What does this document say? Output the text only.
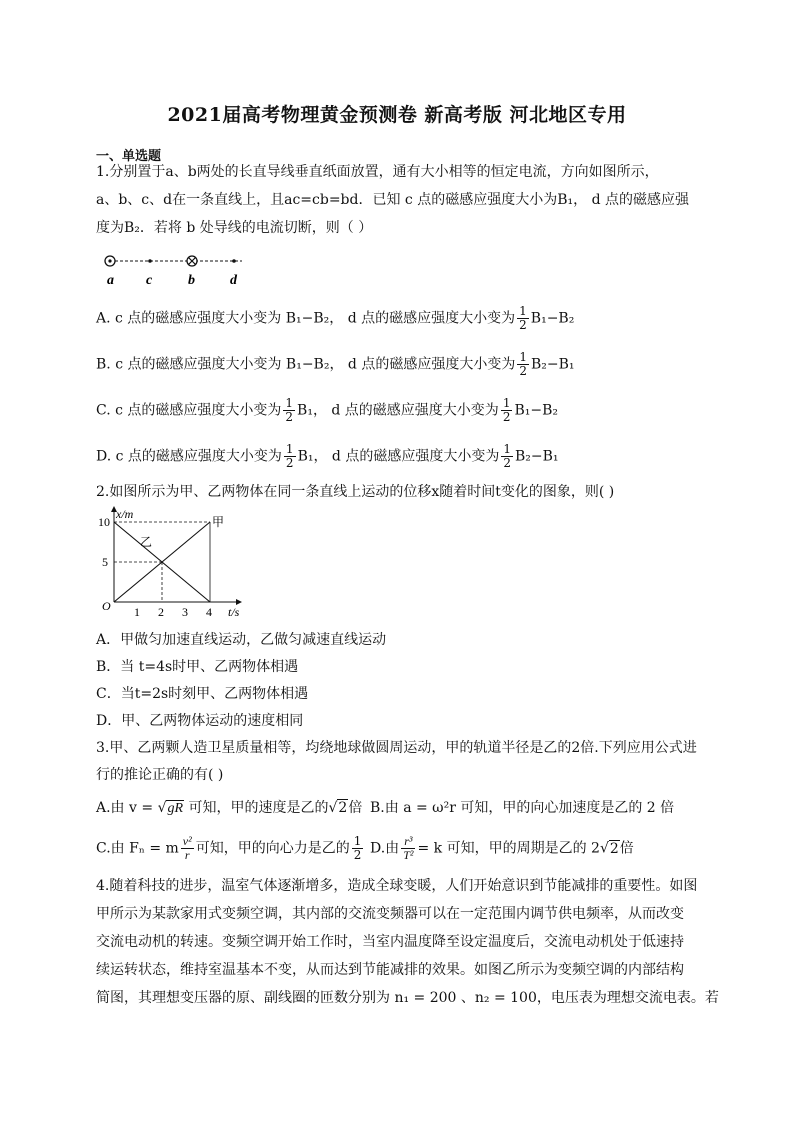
2021届高考物理黄金预测卷 新高考版 河北地区专用
一、单选题
1.分别置于a、b两处的长直导线垂直纸面放置，通有大小相等的恒定电流，方向如图所示，
a、b、c、d在一条直线上，且ac=cb=bd．已知 c 点的磁感应强度大小为B₁， d 点的磁感应强
度为B₂．若将 b 处导线的电流切断，则（ ）
a c	b	d
A. c 点的磁感应强度大小变为 B₁−B₂， d 点的磁感应强度大小变为 $\frac{1}{2} B_1-B_2$
B. c 点的磁感应强度大小变为 B₁−B₂， d 点的磁感应强度大小变为 $\frac{1}{2} B_2-B_1$
C. c 点的磁感应强度大小变为 $\frac{1}{2} B_1$， d 点的磁感应强度大小变为 $\frac{1}{2} B_1-B_2$
D. c 点的磁感应强度大小变为 $\frac{1}{2} B_1$， d 点的磁感应强度大小变为 $\frac{1}{2} B_2-B_1$
2.如图所示为甲、乙两物体在同一条直线上运动的位移x随着时间t变化的图象，则( )
x/m
t/s
O
10
5
1 2 3 4
甲
乙
A．甲做匀加速直线运动，乙做匀减速直线运动
B．当 t=4s时甲、乙两物体相遇
C．当t=2s时刻甲、乙两物体相遇
D．甲、乙两物体运动的速度相同
3.甲、乙两颗人造卫星质量相等，均绕地球做圆周运动，甲的轨道半径是乙的2倍.下列应用公式进
行的推论正确的有( )
A.由 v = √gR 可知，甲的速度是乙的√2倍 B.由 a = ω²r 可知，甲的向心加速度是乙的 2 倍
C.由 Fₙ = m $\frac{\text{v²}}{r}$ 可知，甲的向心力是乙的 $\frac{1}{2} D$.由 $\frac{\text{r³}}{\text{T²}} = k$ 可知，甲的周期是乙的 2√2倍
4.随着科技的进步，温室气体逐渐增多，造成全球变暖，人们开始意识到节能减排的重要性。如图
甲所示为某款家用式变频空调，其内部的交流变频器可以在一定范围内调节供电频率，从而改变
交流电动机的转速。变频空调开始工作时，当室内温度降至设定温度后，交流电动机处于低速持
续运转状态，维持室温基本不变，从而达到节能减排的效果。如图乙所示为变频空调的内部结构
简图，其理想变压器的原、副线圈的匝数分别为 n₁ = 200 、n₂ = 100，电压表为理想交流电表。若
